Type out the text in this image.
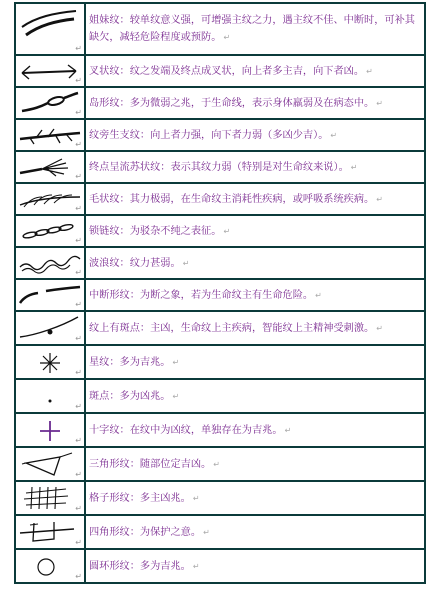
↵	姐妹纹：较单纹意义强，可增强主纹之力，遇主纹不佳、中断时，可补其缺欠，减轻危险程度或预防。 ↵

↵	叉状纹：纹之发端及终点成叉状，向上者多主吉，向下者凶。 ↵

↵	岛形纹：多为微弱之兆，于生命线，表示身体羸弱及在病态中。 ↵

↵	纹旁生支纹：向上者力强，向下者力弱（多凶少吉）。 ↵

↵	终点呈流苏状纹：表示其纹力弱（特别是对生命纹来说）。 ↵

↵	毛状纹：其力极弱，在生命纹主消耗性疾病，或呼吸系统疾病。 ↵

↵	锁链纹：为驳杂不纯之表征。 ↵

↵	波浪纹：纹力甚弱。 ↵

↵	中断形纹：为断之象，若为生命纹主有生命危险。 ↵

↵	纹上有斑点：主凶，生命纹上主疾病，智能纹上主精神受刺激。 ↵

↵	星纹：多为吉兆。 ↵

↵	斑点：多为凶兆。 ↵

↵	十字纹：在纹中为凶纹，单独存在为吉兆。 ↵

↵	三角形纹：随部位定吉凶。 ↵

↵	格子形纹：多主凶兆。 ↵

↵	四角形纹：为保护之意。 ↵

↵	圆环形纹：多为吉兆。 ↵
